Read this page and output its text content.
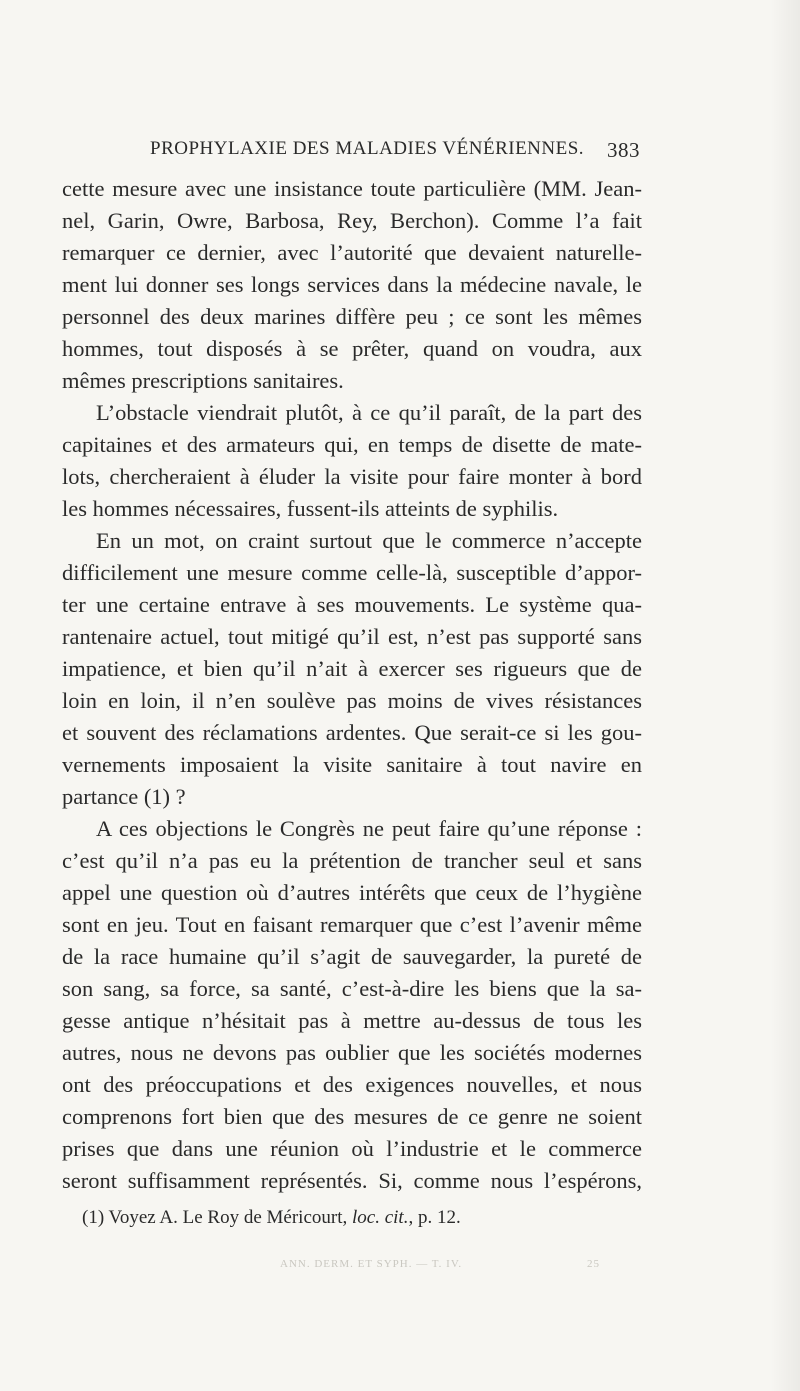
PROPHYLAXIE DES MALADIES VÉNÉRIENNES. 383
cette mesure avec une insistance toute particulière (MM. Jean-
nel, Garin, Owre, Barbosa, Rey, Berchon). Comme l’a fait
remarquer ce dernier, avec l’autorité que devaient naturelle-
ment lui donner ses longs services dans la médecine navale, le
personnel des deux marines diffère peu ; ce sont les mêmes
hommes, tout disposés à se prêter, quand on voudra, aux
mêmes prescriptions sanitaires.
L’obstacle viendrait plutôt, à ce qu’il paraît, de la part des
capitaines et des armateurs qui, en temps de disette de mate-
lots, chercheraient à éluder la visite pour faire monter à bord
les hommes nécessaires, fussent-ils atteints de syphilis.
En un mot, on craint surtout que le commerce n’accepte
difficilement une mesure comme celle-là, susceptible d’appor-
ter une certaine entrave à ses mouvements. Le système qua-
rantenaire actuel, tout mitigé qu’il est, n’est pas supporté sans
impatience, et bien qu’il n’ait à exercer ses rigueurs que de
loin en loin, il n’en soulève pas moins de vives résistances
et souvent des réclamations ardentes. Que serait-ce si les gou-
vernements imposaient la visite sanitaire à tout navire en
partance (1) ?
A ces objections le Congrès ne peut faire qu’une réponse :
c’est qu’il n’a pas eu la prétention de trancher seul et sans
appel une question où d’autres intérêts que ceux de l’hygiène
sont en jeu. Tout en faisant remarquer que c’est l’avenir même
de la race humaine qu’il s’agit de sauvegarder, la pureté de
son sang, sa force, sa santé, c’est-à-dire les biens que la sa-
gesse antique n’hésitait pas à mettre au-dessus de tous les
autres, nous ne devons pas oublier que les sociétés modernes
ont des préoccupations et des exigences nouvelles, et nous
comprenons fort bien que des mesures de ce genre ne soient
prises que dans une réunion où l’industrie et le commerce
seront suffisamment représentés. Si, comme nous l’espérons,
(1) Voyez A. Le Roy de Méricourt, loc. cit., p. 12.
ANN. DERM. ET SYPH. — T. IV.	25
